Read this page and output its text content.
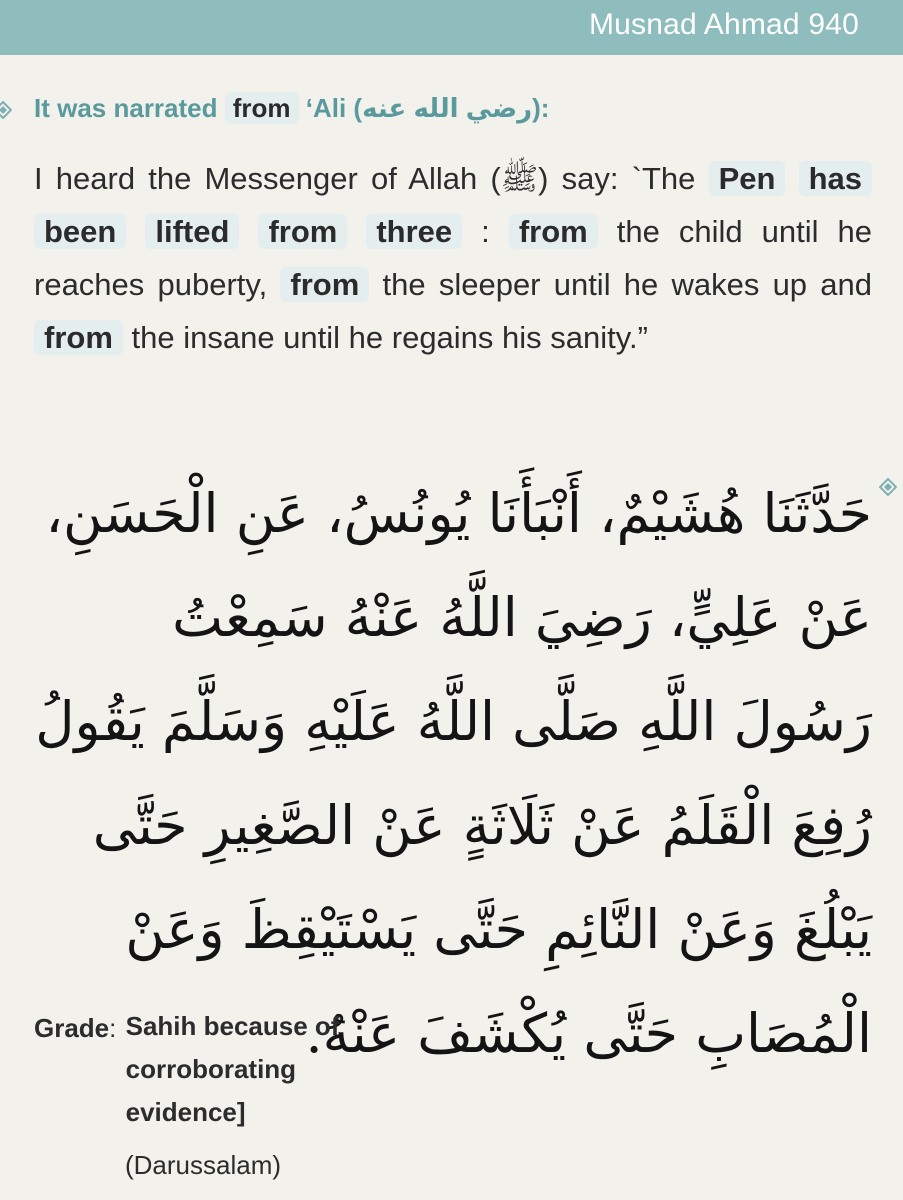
Musnad Ahmad 940
It was narrated from ‘Ali (رضي الله عنه):
I heard the Messenger of Allah (ﷺ) say: `The Pen has been lifted from three : from the child until he reaches puberty, from the sleeper until he wakes up and from the insane until he regains his sanity.”
حَدَّثَنَا هُشَيْمٌ، أَنْبَأَنَا يُونُسُ، عَنِ الْحَسَنِ، عَنْ عَلِيٍّ، رَضِيَ اللَّهُ عَنْهُ سَمِعْتُ رَسُولَ اللَّهِ صَلَّى اللَّهُ عَلَيْهِ وَسَلَّمَ يَقُولُ رُفِعَ الْقَلَمُ عَنْ ثَلَاثَةٍ عَنْ الصَّغِيرِ حَتَّى يَبْلُغَ وَعَنْ النَّائِمِ حَتَّى يَسْتَيْقِظَ وَعَنْ الْمُصَابِ حَتَّى يُكْشَفَ عَنْهُ.
Grade: Sahih because of corroborating evidence]
(Darussalam)
